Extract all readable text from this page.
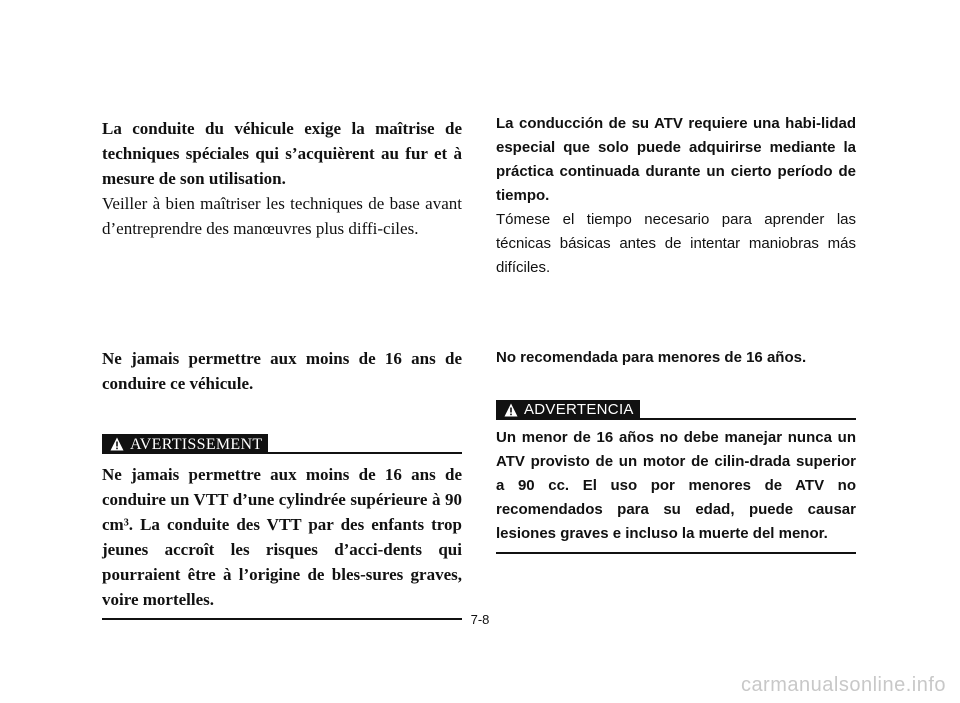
La conduite du véhicule exige la maîtrise de techniques spéciales qui s’acquièrent au fur et à mesure de son utilisation.

Veiller à bien maîtriser les techniques de base avant d’entreprendre des manœuvres plus diffi-ciles.

Ne jamais permettre aux moins de 16 ans de conduire ce véhicule.

AVERTISSEMENT

Ne jamais permettre aux moins de 16 ans de conduire un VTT d’une cylindrée supérieure à 90 cm³. La conduite des VTT par des enfants trop jeunes accroît les risques d’acci-dents qui pourraient être à l’origine de bles-sures graves, voire mortelles.

La conducción de su ATV requiere una habi-lidad especial que solo puede adquirirse mediante la práctica continuada durante un cierto período de tiempo.

Tómese el tiempo necesario para aprender las técnicas básicas antes de intentar maniobras más difíciles.

No recomendada para menores de 16 años.

ADVERTENCIA

Un menor de 16 años no debe manejar nunca un ATV provisto de un motor de cilin-drada superior a 90 cc. El uso por menores de ATV no recomendados para su edad, puede causar lesiones graves e incluso la muerte del menor.

7-8
carmanualsonline.info
